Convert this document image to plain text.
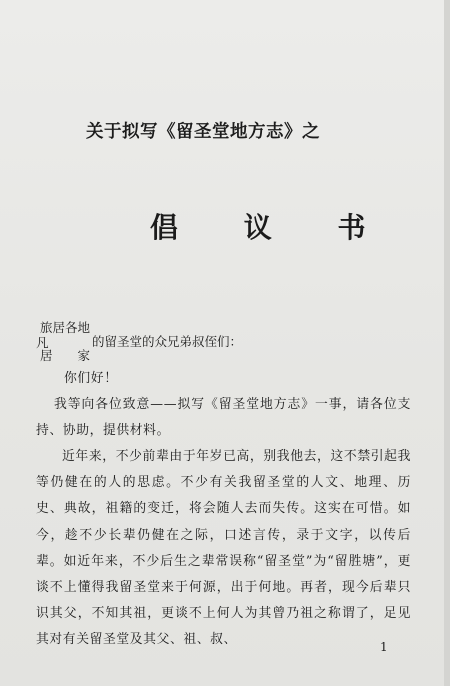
关于拟写《留圣堂地方志》之
倡 议 书
凡
旅居各地
居　　家
的留圣堂的众兄弟叔侄们：
你们好！
我等向各位致意——拟写《留圣堂地方志》一事，请各位支持、协助，提供材料。
近年来，不少前辈由于年岁已高，别我他去，这不禁引起我等仍健在的人的思虑。不少有关我留圣堂的人文、地理、历史、典故，祖籍的变迁，将会随人去而失传。这实在可惜。如今，趁不少长辈仍健在之际，口述言传，录于文字，以传后辈。如近年来，不少后生之辈常误称“留圣堂”为“留胜塘”，更谈不上懂得我留圣堂来于何源，出于何地。再者，现今后辈只识其父，不知其祖，更谈不上何人为其曾乃祖之称谓了，足见其对有关留圣堂及其父、祖、叔、	1
